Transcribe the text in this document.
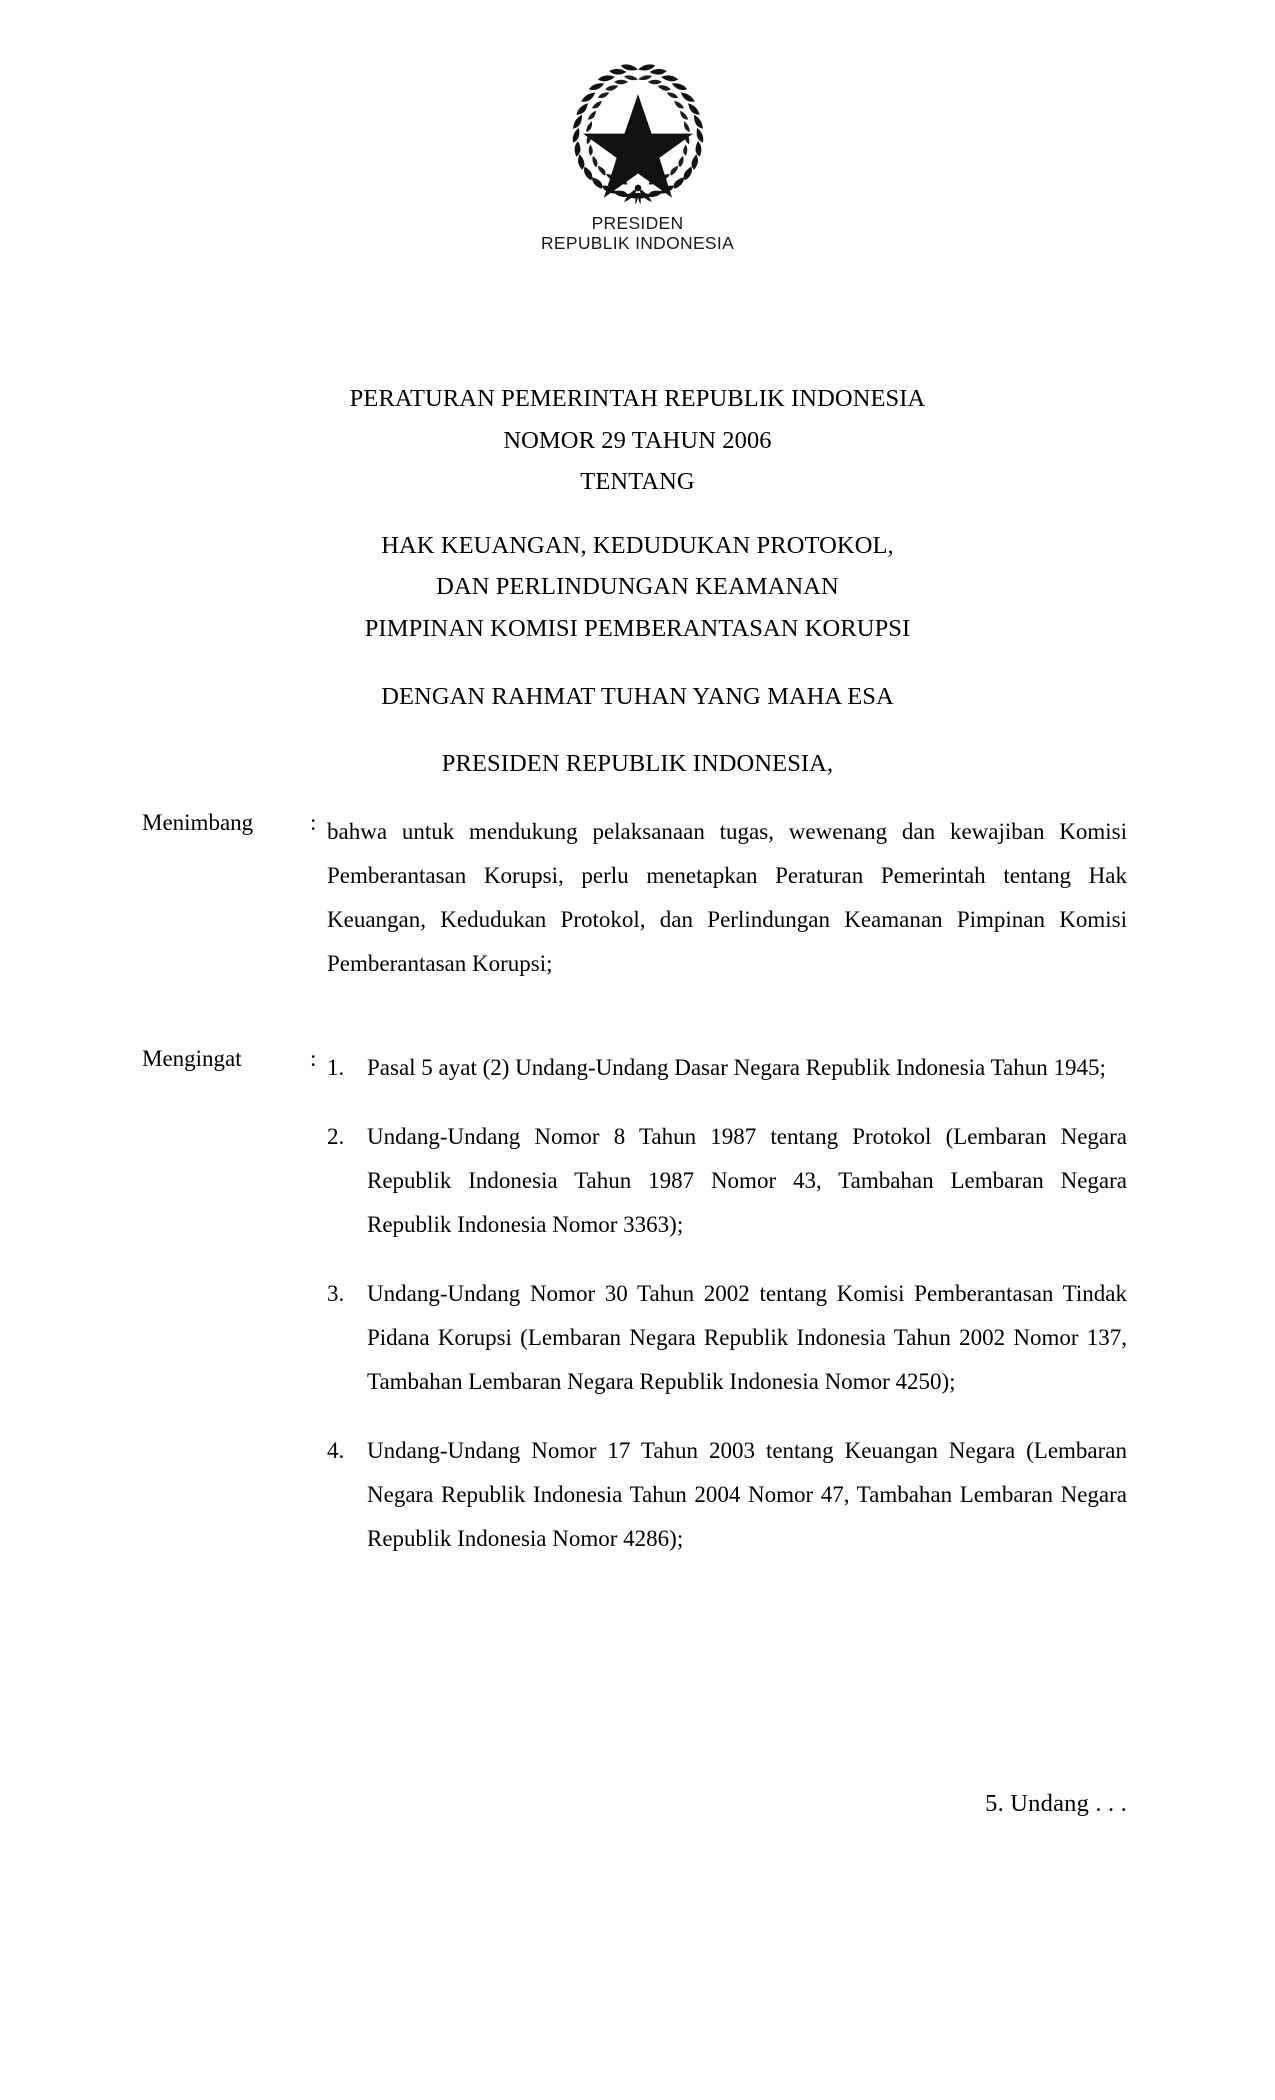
PRESIDEN
REPUBLIK INDONESIA
PERATURAN PEMERINTAH REPUBLIK INDONESIA
NOMOR 29 TAHUN 2006
TENTANG
HAK KEUANGAN, KEDUDUKAN PROTOKOL,
DAN PERLINDUNGAN KEAMANAN
PIMPINAN KOMISI PEMBERANTASAN KORUPSI
DENGAN RAHMAT TUHAN YANG MAHA ESA
PRESIDEN REPUBLIK INDONESIA,
Menimbang	: bahwa untuk mendukung pelaksanaan tugas, wewenang dan kewajiban Komisi Pemberantasan Korupsi, perlu menetapkan Peraturan Pemerintah tentang Hak Keuangan, Kedudukan Protokol, dan Perlindungan Keamanan Pimpinan Komisi Pemberantasan Korupsi;

Mengingat	: 1. Pasal 5 ayat (2) Undang-Undang Dasar Negara Republik Indonesia Tahun 1945;
2. Undang-Undang Nomor 8 Tahun 1987 tentang Protokol (Lembaran Negara Republik Indonesia Tahun 1987 Nomor 43, Tambahan Lembaran Negara Republik Indonesia Nomor 3363);
3. Undang-Undang Nomor 30 Tahun 2002 tentang Komisi Pemberantasan Tindak Pidana Korupsi (Lembaran Negara Republik Indonesia Tahun 2002 Nomor 137, Tambahan Lembaran Negara Republik Indonesia Nomor 4250);
4. Undang-Undang Nomor 17 Tahun 2003 tentang Keuangan Negara (Lembaran Negara Republik Indonesia Tahun 2004 Nomor 47, Tambahan Lembaran Negara Republik Indonesia Nomor 4286);
5. Undang . . .
